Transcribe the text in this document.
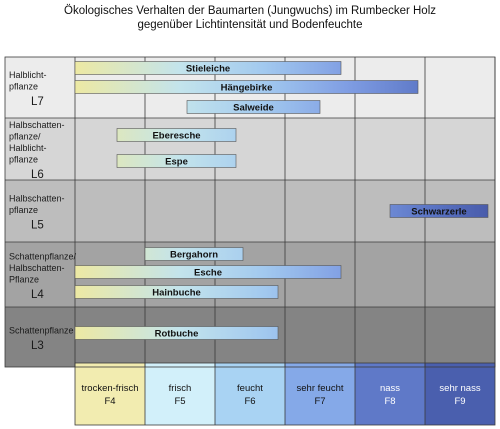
Ökologisches Verhalten der Baumarten (Jungwuchs) im Rumbecker Holz
gegenüber Lichtintensität und Bodenfeuchte
Halblicht-
pflanze
L7
Halbschatten-
pflanze/
Halblicht-
pflanze
L6
Halbschatten-
pflanze
L5
Schattenpflanze/
Halbschatten-
Pflanze
L4
Schattenpflanze
L3
trocken-frisch
F4
frisch
F5
feucht
F6
sehr feucht
F7
nass
F8
sehr nass
F9
Stieleiche
Hängebirke
Salweide
Eberesche
Espe
Schwarzerle
Bergahorn
Esche
Hainbuche
Rotbuche
